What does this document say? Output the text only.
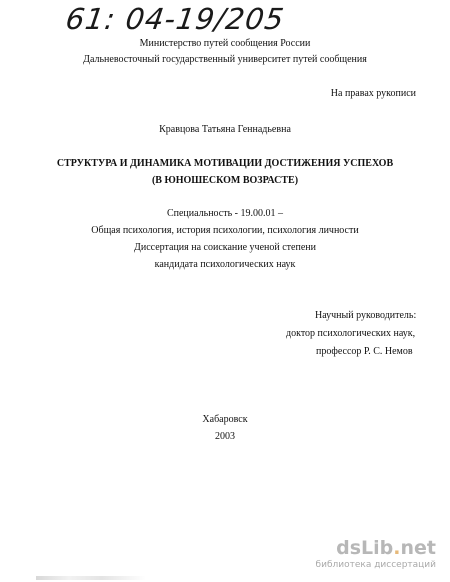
61: 04-19/205
Министерство путей сообщения России
Дальневосточный государственный университет путей сообщения
На правах рукописи
Кравцова Татьяна Геннадьевна
СТРУКТУРА И ДИНАМИКА МОТИВАЦИИ ДОСТИЖЕНИЯ УСПЕХОВ
(В ЮНОШЕСКОМ ВОЗРАСТЕ)
Специальность - 19.00.01 –
Общая психология, история психологии, психология личности
Диссертация на соискание ученой степени
кандидата психологических наук
Научный руководитель:
доктор психологических наук,
профессор Р. С. Немов
Хабаровск
2003
dsLib.net
библиотека диссертаций
